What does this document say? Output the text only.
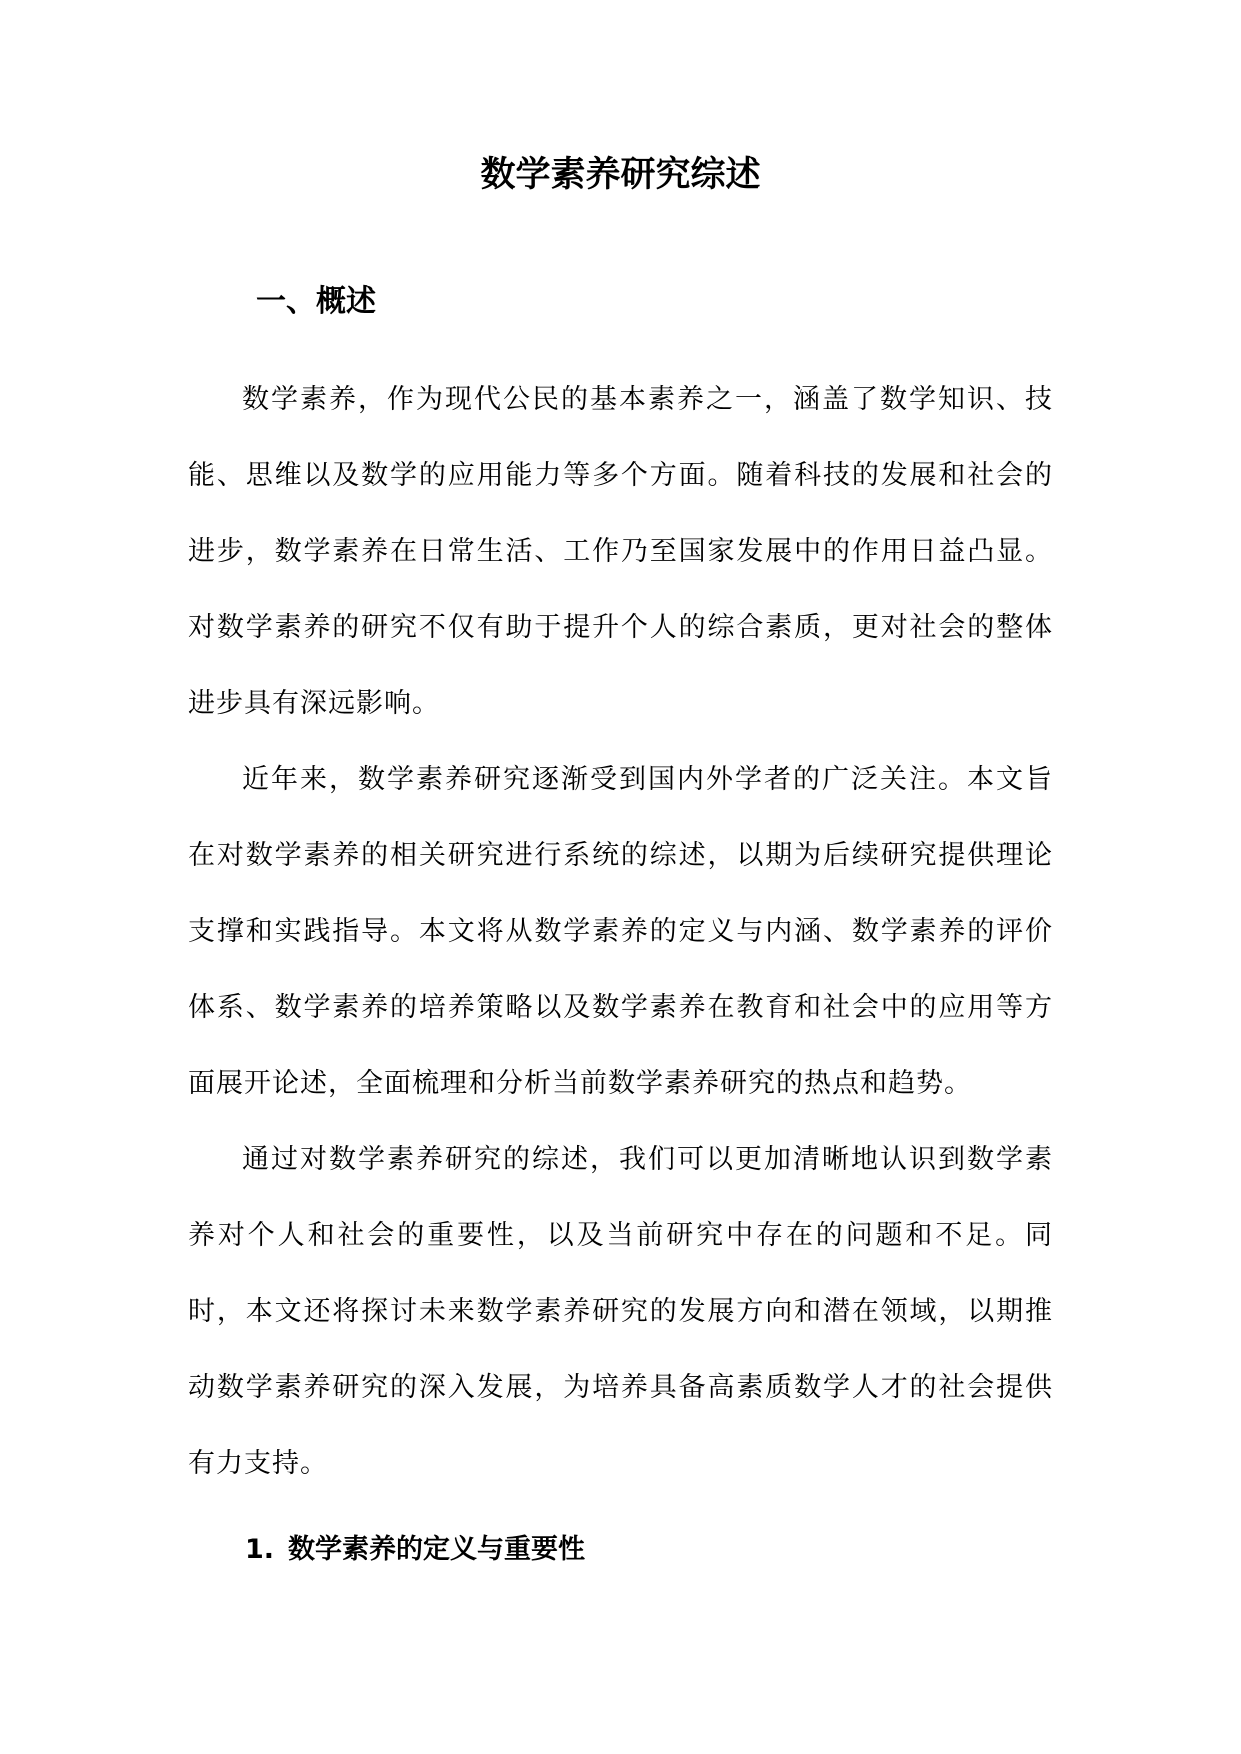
数学素养研究综述
一、概述

数学素养，作为现代公民的基本素养之一，涵盖了数学知识、技能、思维以及数学的应用能力等多个方面。随着科技的发展和社会的进步，数学素养在日常生活、工作乃至国家发展中的作用日益凸显。对数学素养的研究不仅有助于提升个人的综合素质，更对社会的整体进步具有深远影响。

近年来，数学素养研究逐渐受到国内外学者的广泛关注。本文旨在对数学素养的相关研究进行系统的综述，以期为后续研究提供理论支撑和实践指导。本文将从数学素养的定义与内涵、数学素养的评价体系、数学素养的培养策略以及数学素养在教育和社会中的应用等方面展开论述，全面梳理和分析当前数学素养研究的热点和趋势。

通过对数学素养研究的综述，我们可以更加清晰地认识到数学素养对个人和社会的重要性，以及当前研究中存在的问题和不足。同时，本文还将探讨未来数学素养研究的发展方向和潜在领域，以期推动数学素养研究的深入发展，为培养具备高素质数学人才的社会提供有力支持。

1. 数学素养的定义与重要性
